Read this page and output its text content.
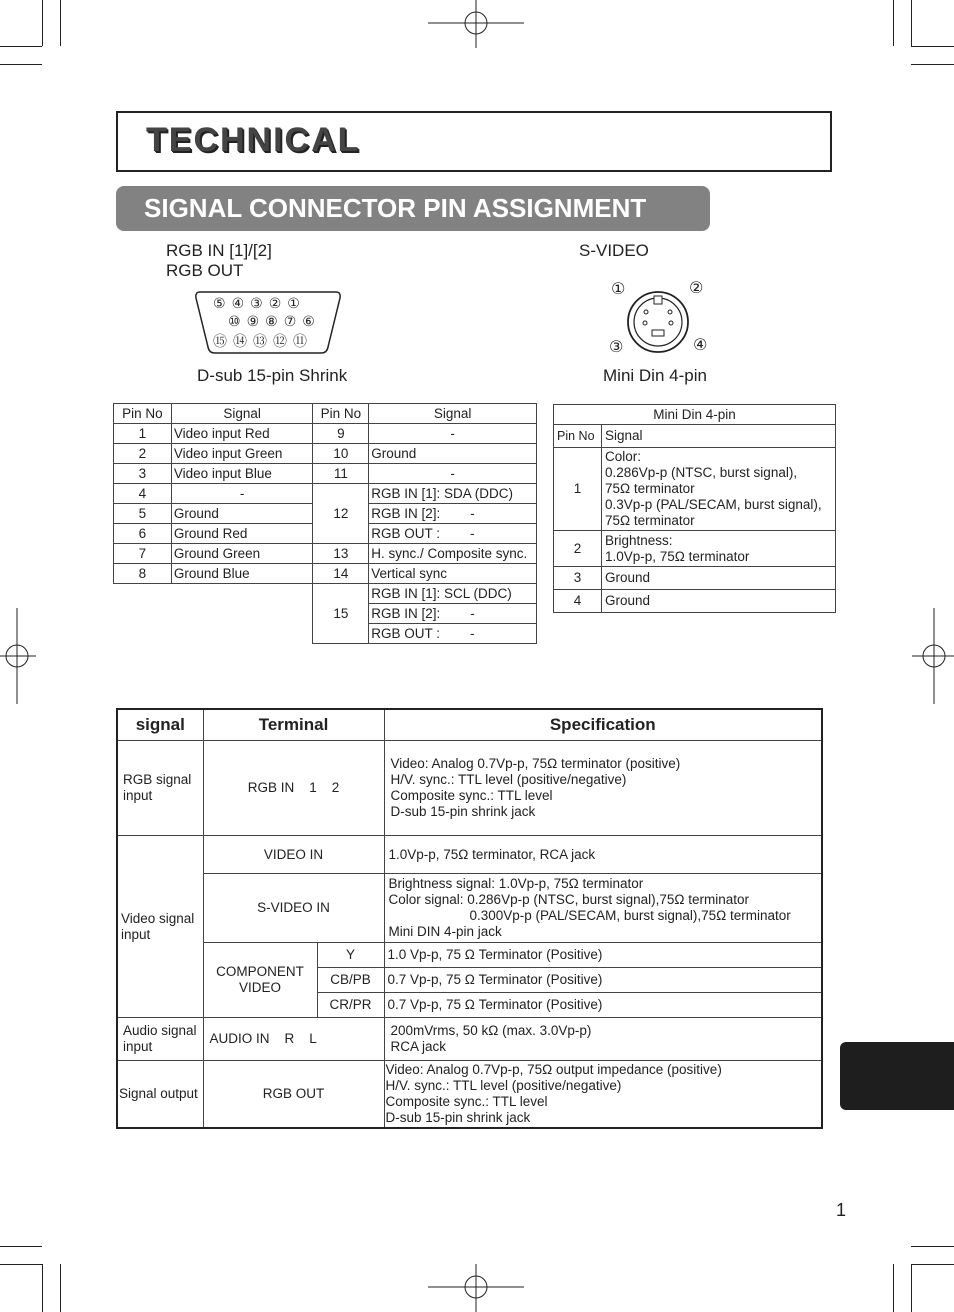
TECHNICAL
SIGNAL CONNECTOR PIN ASSIGNMENT
RGB IN [1]/[2]
RGB OUT
⑤④③②①
⑩⑨⑧⑦⑥
⑮⑭⑬⑫⑪
D-sub 15-pin Shrink
S-VIDEO
①	②
③	④
Mini Din 4-pin
Pin No	Signal	Pin No	Signal
1	Video input Red	9	-
2	Video input Green	10	Ground
3	Video input Blue	11	-
4	-	12	RGB IN [1]: SDA (DDC)
5	Ground		RGB IN [2]:        -
6	Ground Red		RGB OUT :        -
7	Ground Green	13	H. sync./ Composite sync.
8	Ground Blue	14	Vertical sync
		15	RGB IN [1]: SCL (DDC)
			RGB IN [2]:        -
			RGB OUT :        -
Mini Din 4-pin	
Pin No	Signal
1	Color:
0.286Vp-p (NTSC, burst signal),
75Ω terminator
0.3Vp-p (PAL/SECAM, burst signal),
75Ω terminator

2	Brightness:
1.0Vp-p, 75Ω terminator

3	Ground
4	Ground
signal	Terminal		Specification
RGB signal input	RGB IN    1    2		Video: Analog 0.7Vp-p, 75Ω terminator (positive)
H/V. sync.: TTL level (positive/negative)
Composite sync.: TTL level
D-sub 15-pin shrink jack

Video signal input	VIDEO IN		1.0Vp-p, 75Ω terminator, RCA jack
	S-VIDEO IN		Brightness signal: 1.0Vp-p, 75Ω terminator
Color signal: 0.286Vp-p (NTSC, burst signal),75Ω terminator
0.300Vp-p (PAL/SECAM, burst signal),75Ω terminator
Mini DIN 4-pin jack

	COMPONENT VIDEO	Y	1.0 Vp-p, 75 Ω Terminator (Positive)
		CB/PB	0.7 Vp-p, 75 Ω Terminator (Positive)
		CR/PR	0.7 Vp-p, 75 Ω Terminator (Positive)
Audio signal input	AUDIO IN    R    L		200mVrms, 50 kΩ (max. 3.0Vp-p)
RCA jack

Signal output	RGB OUT		Video: Analog 0.7Vp-p, 75Ω output impedance (positive)
H/V. sync.: TTL level (positive/negative)
Composite sync.: TTL level
D-sub 15-pin shrink jack
1
